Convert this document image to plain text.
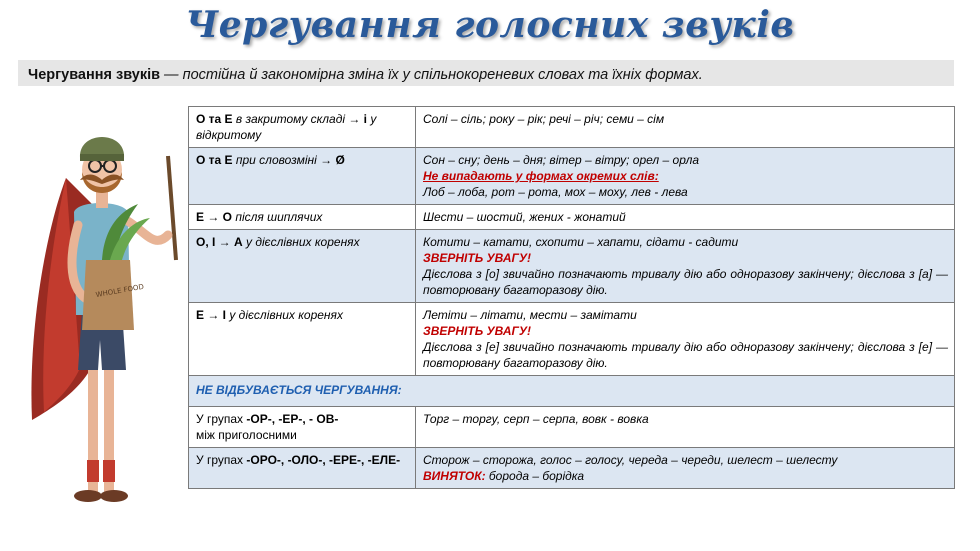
Чергування голосних звуків
Чергування звуків — постійна й закономірна зміна їх у спільнокореневих словах та їхніх формах.
WHOLE FOOD
О та Е в закритому складі → і у відкритому	Солі – сіль; року – рік; речі – річ; семи – сім
О та Е при словозміні → Ø	Сон – сну; день – дня; вітер – вітру; орел – орла
Не випадають у формах окремих слів:
Лоб – лоба, рот – рота, мох – моху, лев - лева

Е → О після шиплячих	Шести – шостий, жених - жонатий
О, І → А у дієслівних коренях	Котити – катати, схопити – хапати, сідати - садити
ЗВЕРНІТЬ УВАГУ!
Дієслова з [о] звичайно позначають тривалу дію або одноразову закінчену; дієслова з [а] — повторювану багаторазову дію.

Е → І у дієслівних коренях	Летіти – літати, мести – замітати
ЗВЕРНІТЬ УВАГУ!
Дієслова з [е] звичайно позначають тривалу дію або одноразову закінчену; дієслова з [е] — повторювану багаторазову дію.

НЕ ВІДБУВАЄТЬСЯ ЧЕРГУВАННЯ:	
У групах -ОР-, -ЕР-, - ОВ-
між приголосними	Торг – торгу, серп – серпа, вовк - вовка
У групах -ОРО-, -ОЛО-, -ЕРЕ-, -ЕЛЕ-	Сторож – сторожа, голос – голосу, череда – череди, шелест – шелесту
ВИНЯТОК: борода – борідка
